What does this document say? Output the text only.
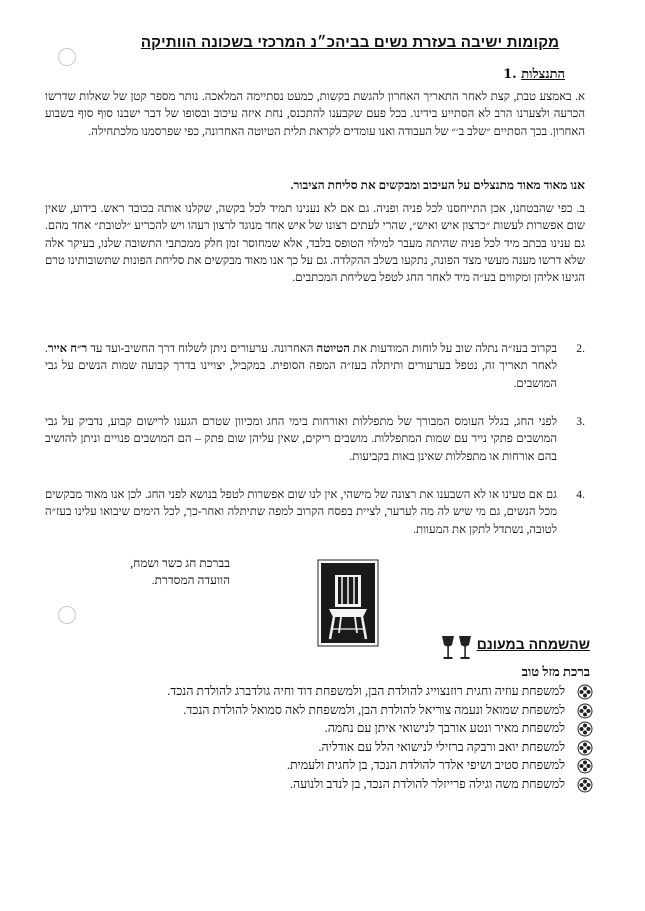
מקומות ישיבה בעזרת נשים בביהכ״נ המרכזי בשכונה הוותיקה
התנצלות .1
א. באמצע טבת, קצת לאחר התאריך האחרון להגשת בקשות, כמעט נסתיימה המלאכה. נותר מספר קטן של שאלות שדרשו הכרעה ולצערנו הרב לא הסתייע בידינו. בכל פעם שקבענו להתכנס, נחת איזה עיכוב ובסופו של דבר ישבנו סוף סוף בשבוע האחרון. בכך הסתיים ״שלב ב׳״ של העבודה ואנו עומדים לקראת תלית הטיוטה האחרונה, כפי שפרסמנו מלכתחילה.
אנו מאוד מאוד מתנצלים על העיכוב ומבקשים את סליחת הציבור.
ב. כפי שהבטחנו, אכן התייחסנו לכל פניה ופניה. גם אם לא נענינו תמיד לכל בקשה, שקלנו אותה בכובד ראש. בידוע, שאין שום אפשרות לעשות ״כרצון איש ואיש״, שהרי לעתים רצונו של איש אחד מנוגד לרצון רעהו ויש להכריע ״לטובת״ אחד מהם. גם ענינו בכתב מיד לכל פניה שהיתה מעבר למילוי הטופס בלבד, אלא שמחוסר זמן חלק ממכתבי התשובה שלנו, בעיקר אלה שלא דרשו מענה מעשי מצד הפונה, נתקעו בשלב ההקלדה. גם על כך אנו מאוד מבקשים את סליחת הפונות שתשובותינו טרם הגיעו אליהן ומקווים בע״ה מיד לאחר החג לטפל בשליחת המכתבים.
.2
בקרוב בעז״ה נתלה שוב על לוחות המודעות את הטיוטה האחרונה. ערעורים ניתן לשלוח דרך החשיב-ועד עד ר״ח אייר. לאחר תאריך זה, נטפל בערעורים ותיתלה בעז״ה המפה הסופית. במקביל, יצויינו בדרך קבועה שמות הנשים על גבי המושבים.
.3
לפני החג, בגלל העומס המבורך של מתפללות ואורחות בימי החג ומכיוון שטרם הגענו לרישום קבוע, נדביק על גבי המושבים פתקי נייר עם שמות המתפללות. מושבים ריקים, שאין עליהן שום פתק – הם המושבים פנויים וניתן להושיב בהם אורחות או מתפללות שאינן באות בקביעות.
.4
גם אם טעינו או לא השבענו את רצונה של מישהי, אין לנו שום אפשרות לטפל בנושא לפני החג. לכן אנו מאוד מבקשים מכל הנשים, גם מי שיש לה מה לערער, לציית בפסח הקרוב למפה שתיתלה ואחר-כך, לכל הימים שיבואו עלינו בעז״ה לטובה, נשתדל לתקן את המעוות.
בברכת חג כשר ושמח,
הוועדה המסדרת.
שהשמחה במעונם
ברכת מזל טוב
למשפחת עוזיה וחגית רוזנצוייג להולדת הבן, ולמשפחת דוד וחיה גולדברג להולדת הנכד.
למשפחת שמואל ונעמה צוריאל להולדת הבן, ולמשפחת לאה סמואל להולדת הנכד.
למשפחת מאיר ונטע אורבך לנישואי איתן עם נחמה.
למשפחת יואב ורבקה ברזילי לנישואי הלל עם אודליה.
למשפחת סטיב ושיפי אלדר להולדת הנכד, בן לחגית ולעמית.
למשפחת משה וגילה פרייזלר להולדת הנכד, בן לנדב ולנועה.
